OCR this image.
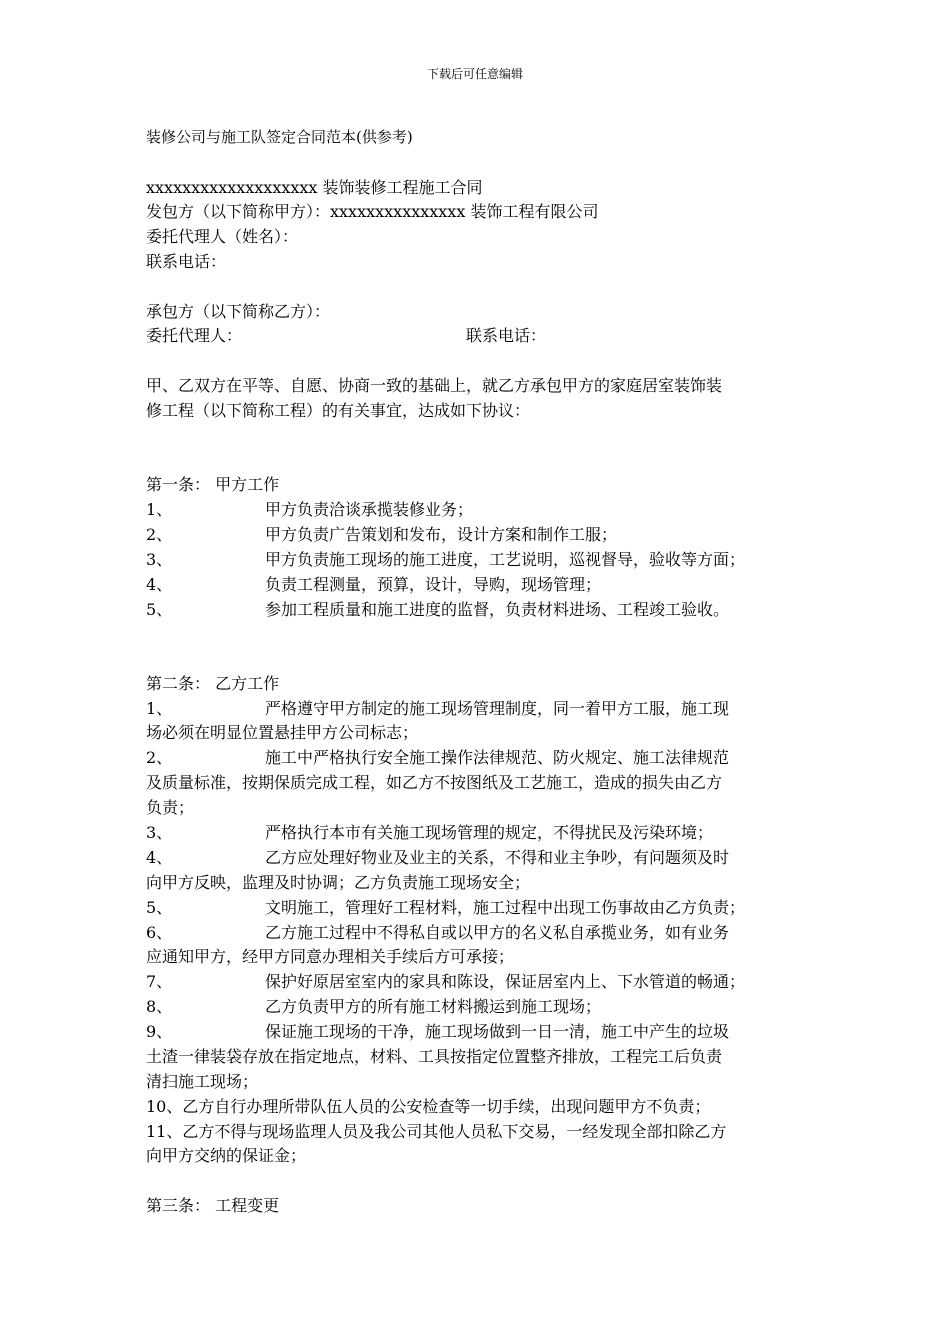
下载后可任意编辑
装修公司与施工队签定合同范本(供参考)
xxxxxxxxxxxxxxxxxxx 装饰装修工程施工合同
发包方（以下简称甲方）：xxxxxxxxxxxxxxx 装饰工程有限公司
委托代理人（姓名）：
联系电话：
承包方（以下简称乙方）：
委托代理人：	联系电话：
甲、乙双方在平等、自愿、协商一致的基础上，就乙方承包甲方的家庭居室装饰装
修工程（以下简称工程）的有关事宜，达成如下协议：
第一条： 甲方工作
1、	甲方负责洽谈承揽装修业务；
2、	甲方负责广告策划和发布，设计方案和制作工服；
3、	甲方负责施工现场的施工进度，工艺说明，巡视督导，验收等方面；
4、	负责工程测量，预算，设计，导购，现场管理；
5、	参加工程质量和施工进度的监督，负责材料进场、工程竣工验收。
第二条： 乙方工作
1、	严格遵守甲方制定的施工现场管理制度，同一着甲方工服，施工现
场必须在明显位置悬挂甲方公司标志；
2、	施工中严格执行安全施工操作法律规范、防火规定、施工法律规范
及质量标准，按期保质完成工程，如乙方不按图纸及工艺施工，造成的损失由乙方
负责；
3、	严格执行本市有关施工现场管理的规定，不得扰民及污染环境；
4、	乙方应处理好物业及业主的关系，不得和业主争吵，有问题须及时
向甲方反映，监理及时协调；乙方负责施工现场安全；
5、	文明施工，管理好工程材料，施工过程中出现工伤事故由乙方负责；
6、	乙方施工过程中不得私自或以甲方的名义私自承揽业务，如有业务
应通知甲方，经甲方同意办理相关手续后方可承接；
7、	保护好原居室室内的家具和陈设，保证居室内上、下水管道的畅通；
8、	乙方负责甲方的所有施工材料搬运到施工现场；
9、	保证施工现场的干净，施工现场做到一日一清，施工中产生的垃圾
土渣一律装袋存放在指定地点，材料、工具按指定位置整齐排放，工程完工后负责
清扫施工现场；
10、乙方自行办理所带队伍人员的公安检查等一切手续，出现问题甲方不负责；
11、乙方不得与现场监理人员及我公司其他人员私下交易，一经发现全部扣除乙方
向甲方交纳的保证金；
第三条： 工程变更
